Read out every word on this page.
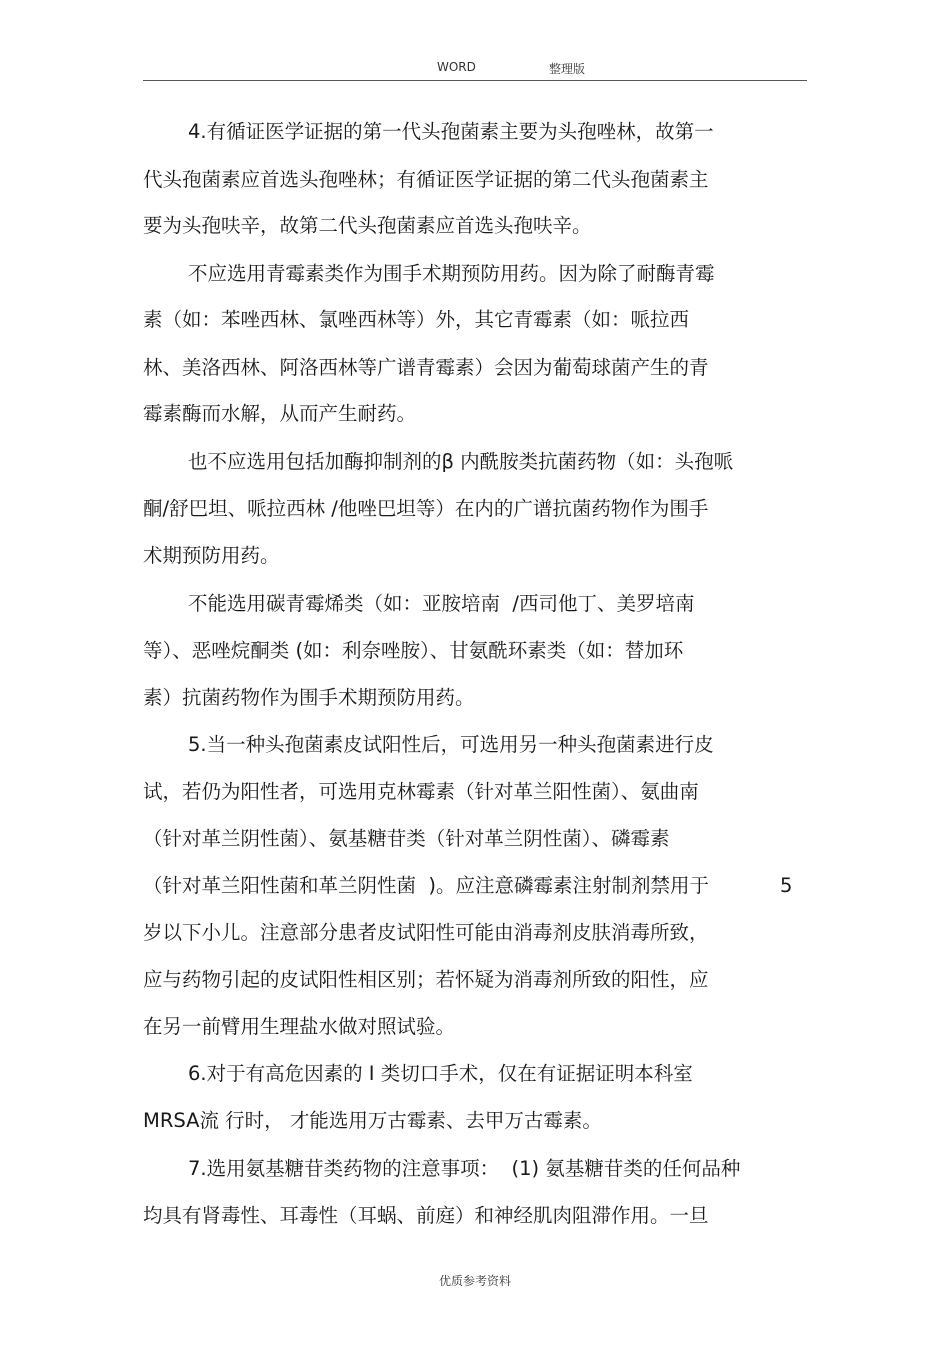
WORD	整理版
4.有循证医学证据的第一代头孢菌素主要为头孢唑林，故第一
代头孢菌素应首选头孢唑林；有循证医学证据的第二代头孢菌素主
要为头孢呋辛，故第二代头孢菌素应首选头孢呋辛。
不应选用青霉素类作为围手术期预防用药。因为除了耐酶青霉
素（如：苯唑西林、氯唑西林等）外，其它青霉素（如：哌拉西
林、美洛西林、阿洛西林等广谱青霉素）会因为葡萄球菌产生的青
霉素酶而水解，从而产生耐药。
也不应选用包括加酶抑制剂的β 内酰胺类抗菌药物（如：头孢哌
酮/舒巴坦、哌拉西林 /他唑巴坦等）在内的广谱抗菌药物作为围手
术期预防用药。
不能选用碳青霉烯类（如：亚胺培南  /西司他丁、美罗培南
等）、恶唑烷酮类 (如：利奈唑胺）、甘氨酰环素类（如：替加环
素）抗菌药物作为围手术期预防用药。
5.当一种头孢菌素皮试阳性后，可选用另一种头孢菌素进行皮
试，若仍为阳性者，可选用克林霉素（针对革兰阳性菌）、氨曲南
（针对革兰阴性菌）、氨基糖苷类（针对革兰阴性菌）、磷霉素
（针对革兰阳性菌和革兰阴性菌  )。应注意磷霉素注射制剂禁用于	5
岁以下小儿。注意部分患者皮试阳性可能由消毒剂皮肤消毒所致，
应与药物引起的皮试阳性相区别；若怀疑为消毒剂所致的阳性，应
在另一前臂用生理盐水做对照试验。
6.对于有高危因素的 I 类切口手术，仅在有证据证明本科室
MRSA流 行时， 才能选用万古霉素、去甲万古霉素。
7.选用氨基糖苷类药物的注意事项：  (1) 氨基糖苷类的任何品种
均具有肾毒性、耳毒性（耳蜗、前庭）和神经肌肉阻滞作用。一旦
优质参考资料
